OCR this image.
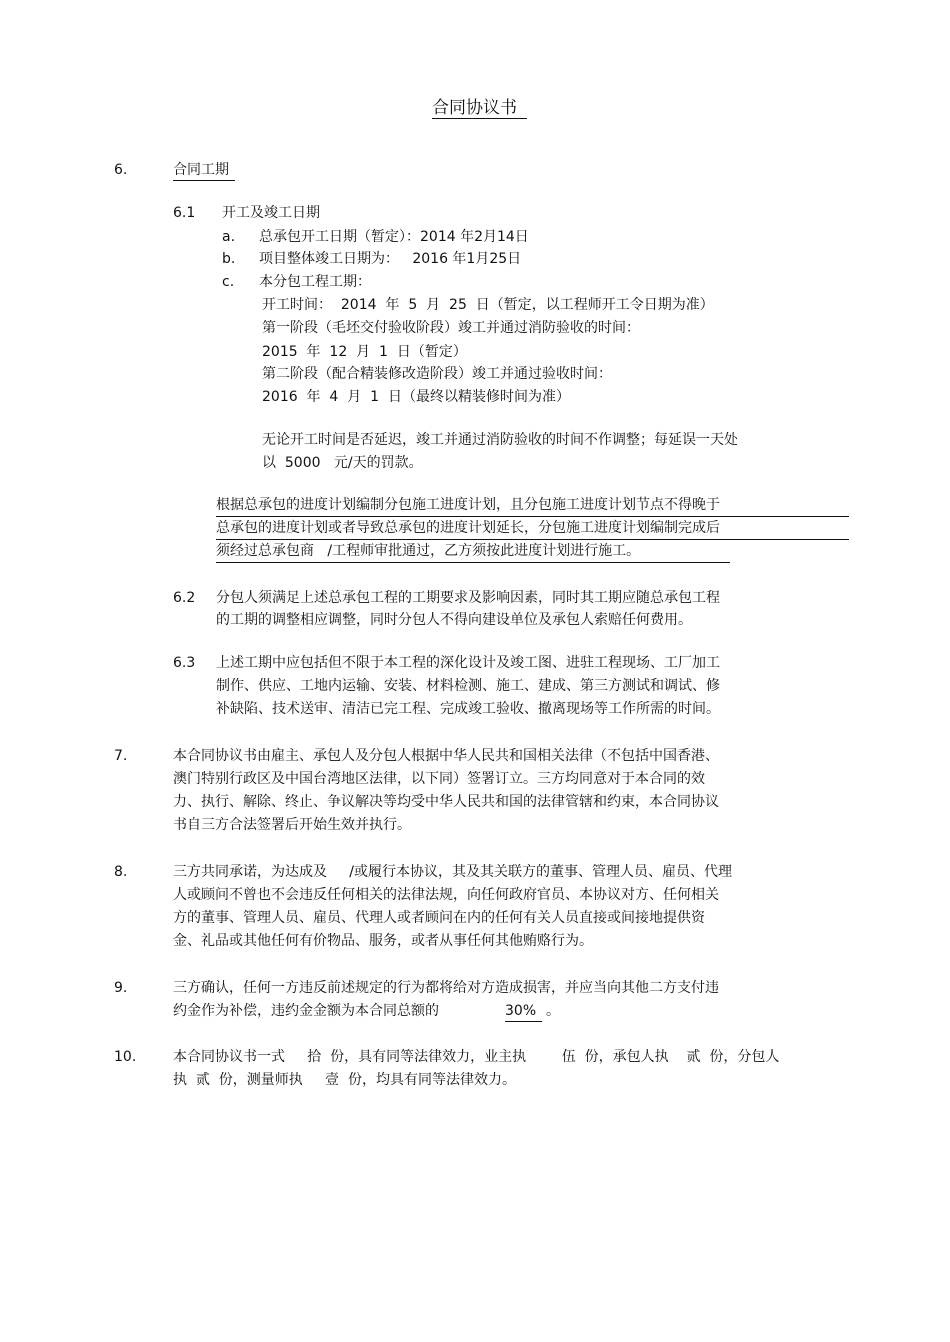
合同协议书
6.	合同工期
6.1 开工及竣工日期
a. 总承包开工日期（暂定）：2014 年2月14日
b. 项目整体竣工日期为：   2016 年1月25日
c. 本分包工程工期：
开工时间：  2014  年  5  月  25  日（暂定，以工程师开工令日期为准）
第一阶段（毛坯交付验收阶段）竣工并通过消防验收的时间：
2015  年  12  月  1  日（暂定）
第二阶段（配合精装修改造阶段）竣工并通过验收时间：
2016  年  4  月  1  日（最终以精装修时间为准）
无论开工时间是否延迟，竣工并通过消防验收的时间不作调整；每延误一天处
以  5000   元/天的罚款。
根据总承包的进度计划编制分包施工进度计划，且分包施工进度计划节点不得晚于
总承包的进度计划或者导致总承包的进度计划延长，分包施工进度计划编制完成后
须经过总承包商   /工程师审批通过，乙方须按此进度计划进行施工。
6.2 分包人须满足上述总承包工程的工期要求及影响因素，同时其工期应随总承包工程
的工期的调整相应调整，同时分包人不得向建设单位及承包人索赔任何费用。
6.3 上述工期中应包括但不限于本工程的深化设计及竣工图、进驻工程现场、工厂加工
制作、供应、工地内运输、安装、材料检测、施工、建成、第三方测试和调试、修
补缺陷、技术送审、清洁已完工程、完成竣工验收、撤离现场等工作所需的时间。
7.	本合同协议书由雇主、承包人及分包人根据中华人民共和国相关法律（不包括中国香港、
澳门特别行政区及中国台湾地区法律，以下同）签署订立。三方均同意对于本合同的效
力、执行、解除、终止、争议解决等均受中华人民共和国的法律管辖和约束，本合同协议
书自三方合法签署后开始生效并执行。
8.	三方共同承诺，为达成及     /或履行本协议，其及其关联方的董事、管理人员、雇员、代理
人或顾问不曾也不会违反任何相关的法律法规，向任何政府官员、本协议对方、任何相关
方的董事、管理人员、雇员、代理人或者顾问在内的任何有关人员直接或间接地提供资
金、礼品或其他任何有价物品、服务，或者从事任何其他贿赂行为。
9.	三方确认，任何一方违反前述规定的行为都将给对方造成损害，并应当向其他二方支付违
约金作为补偿，违约金金额为本合同总额的	30% 。
10.	本合同协议书一式     拾  份，具有同等法律效力，业主执        伍  份，承包人执    贰  份，分包人
执  贰  份，测量师执     壹  份，均具有同等法律效力。
